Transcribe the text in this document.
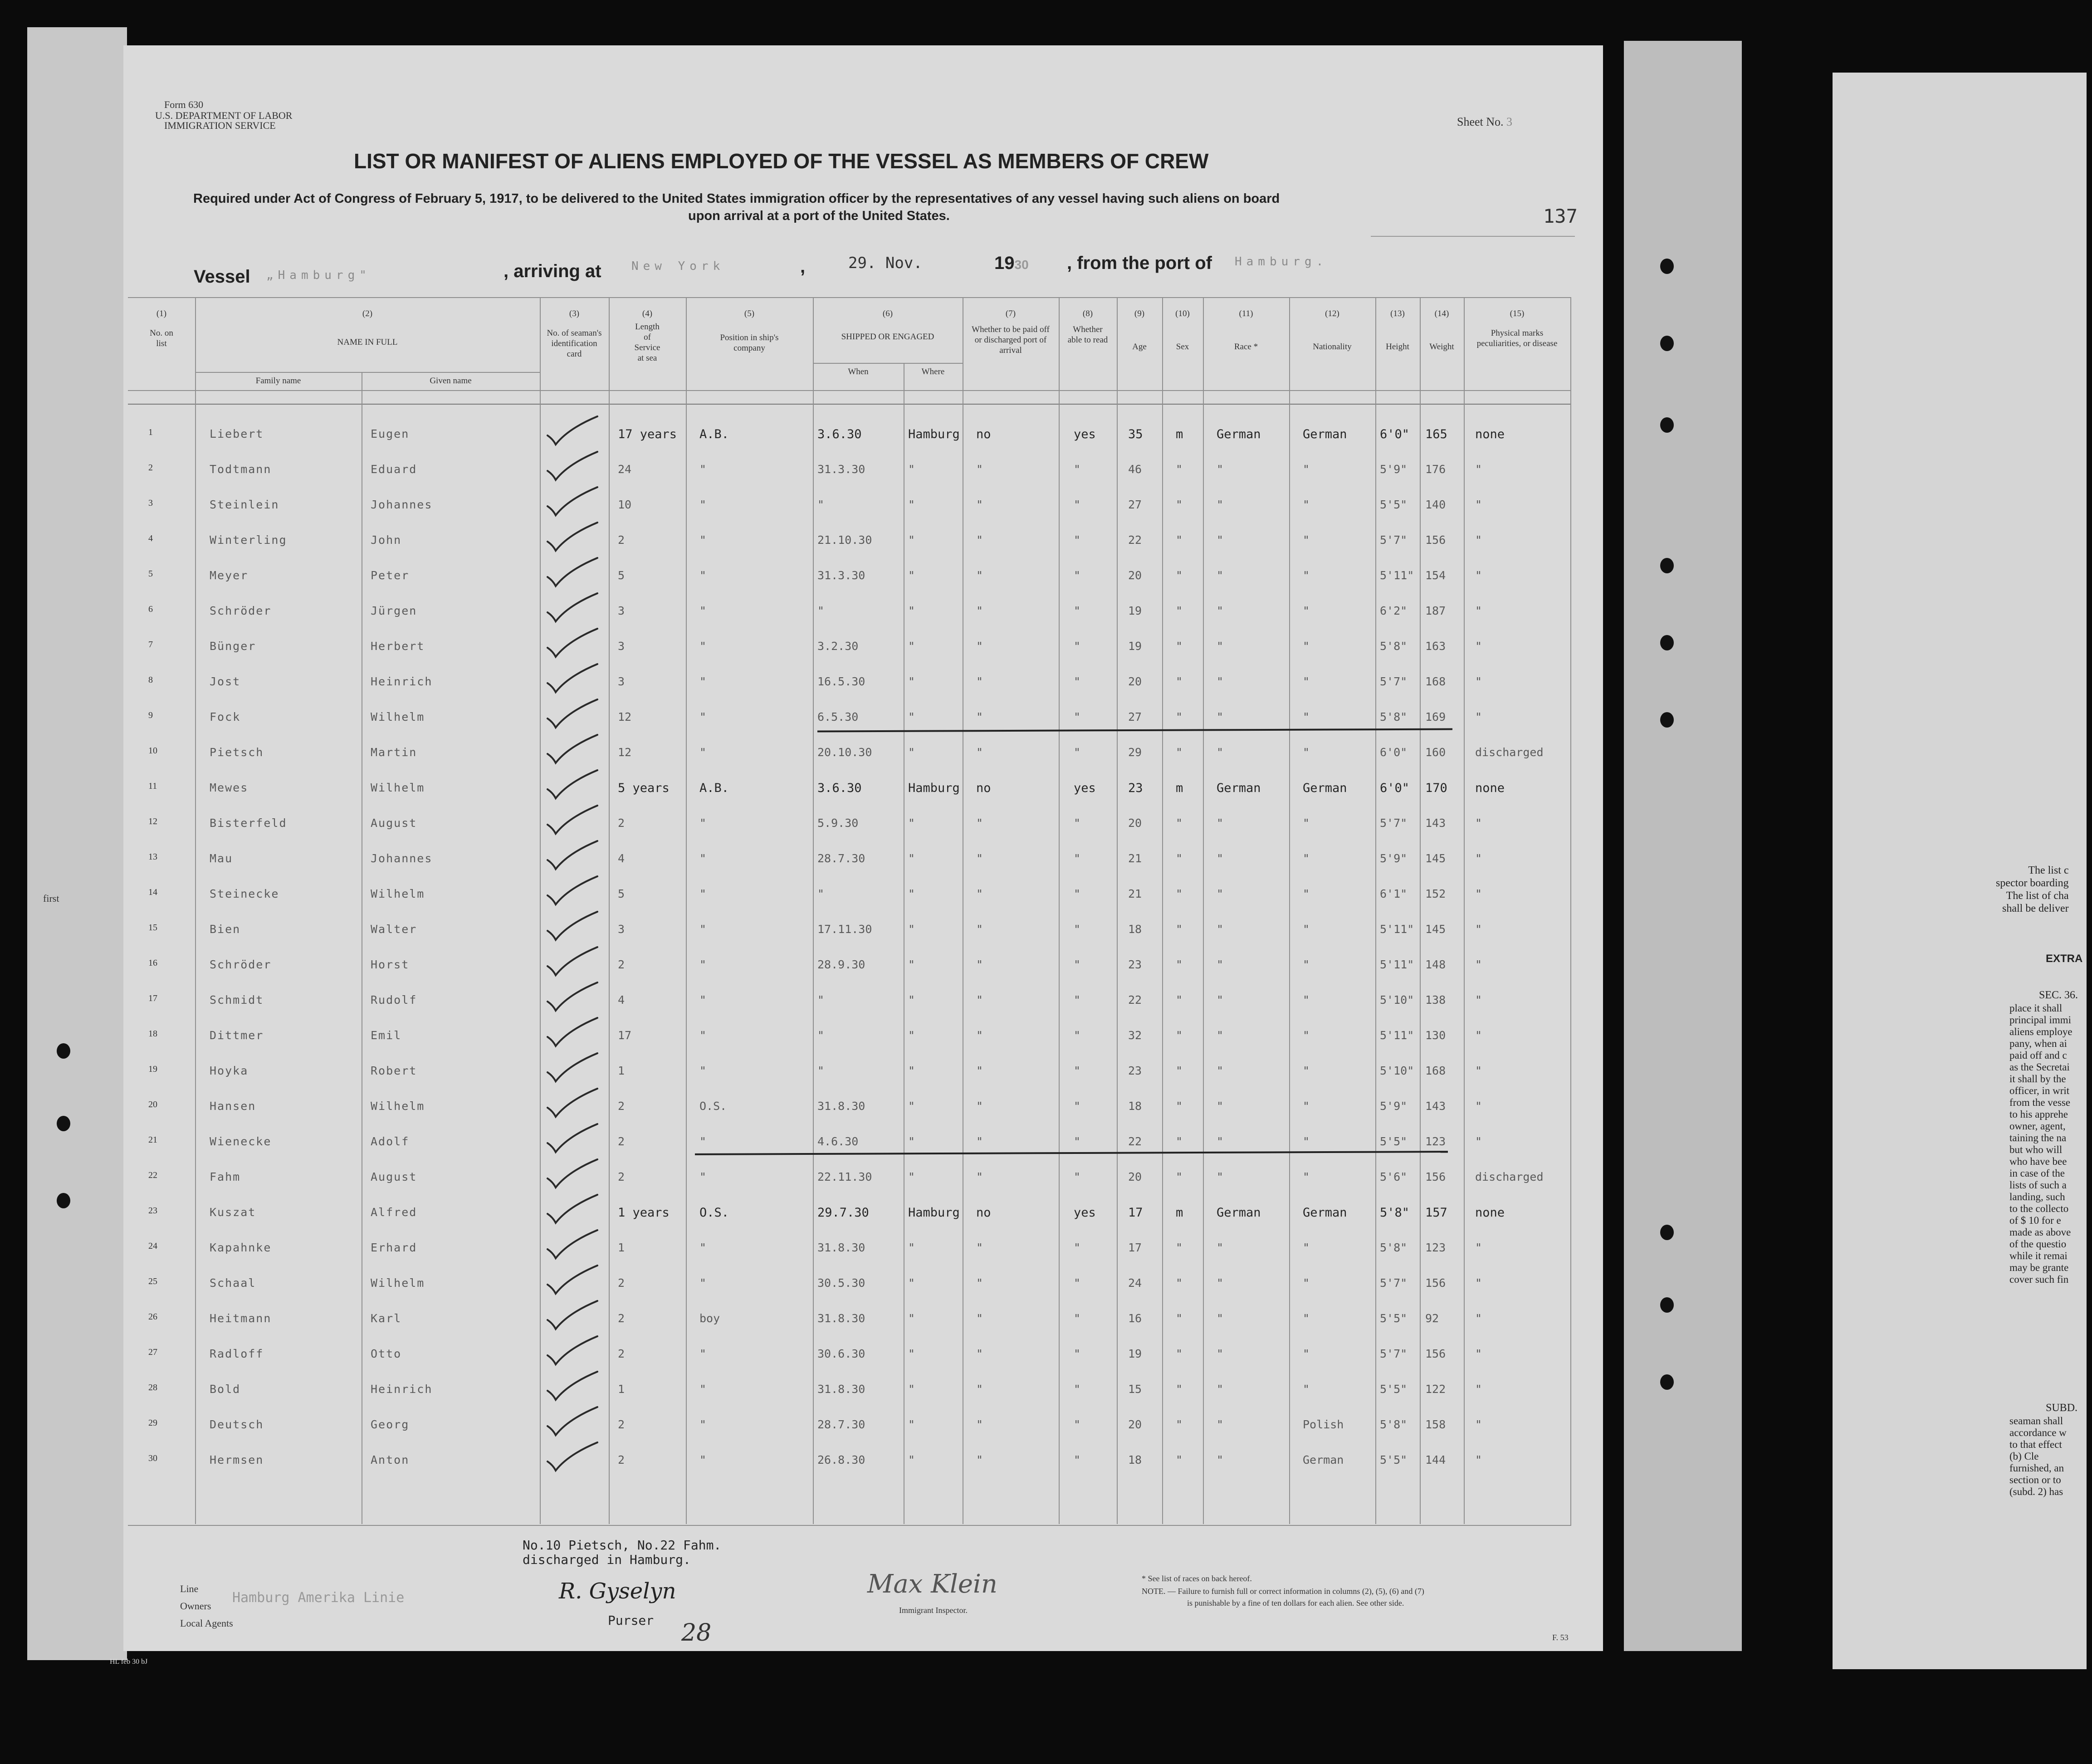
first
The list c
spector boarding
The list of cha
shall be deliver
EXTRA
SEC. 36.
place it shall
principal immi
aliens employe
pany, when ai
paid off and c
as the Secretai
it shall by the
officer, in writ
from the vesse
to his apprehe
owner, agent,
taining the na
but who will
who have bee
in case of the
lists of such a
landing, such
to the collecto
of $ 10 for e
made as above
of the questio
while it remai
may be grante
cover such fin
SUBD.
seaman shall
accordance w
to that effect
(b) Cle
furnished, an
section or to
(subd. 2) has
Form 630
U.S. DEPARTMENT OF LABOR
IMMIGRATION SERVICE	Sheet No. 3
LIST OR MANIFEST OF ALIENS EMPLOYED OF THE VESSEL AS MEMBERS OF CREW
Required under Act of Congress of February 5, 1917, to be delivered to the United States immigration officer by the representatives of any vessel having such aliens on board
upon arrival at a port of the United States.	137
Vessel „Hamburg"	, arriving at	New York	,	29. Nov.	1930 , from the port of Hamburg.
(1)
No. on list
(2)
NAME IN FULL
Family name	Given name
(3)
No. of seaman's identification card
(4)
Length of Service at sea
(5)
Position in ship's company
(6)
SHIPPED OR ENGAGED
When	Where
(7)
Whether to be paid off or discharged port of arrival
(8)
Whether able to read
(9)
Age
(10)
Sex
(11)
Race *
(12)
Nationality
(13)
Height
(14)
Weight
(15)
Physical marks peculiarities, or disease
1	Liebert	Eugen	17 years A.B.	3.6.30	Hamburg no	yes	35	m	German	German	6'0" 165 none
2	Todtmann	Eduard	24	"	31.3.30	"	"	"	46	"	"	"	5'9" 176	"
3	Steinlein	Johannes	10	"	"	"	"	"	27	"	"	"	5'5" 140	"
4	Winterling	John	2	"	21.10.30	"	"	"	22	"	"	"	5'7" 156	"
5	Meyer	Peter	5	"	31.3.30	"	"	"	20	"	"	"	5'11" 154	"
6	Schröder	Jürgen	3	"	"	"	"	"	19	"	"	"	6'2" 187	"
7	Bünger	Herbert	3	"	3.2.30	"	"	"	19	"	"	"	5'8" 163	"
8	Jost	Heinrich	3	"	16.5.30	"	"	"	20	"	"	"	5'7" 168	"
9	Fock	Wilhelm	12	"	6.5.30	"	"	"	27	"	"	"	5'8" 169	"
10	Pietsch	Martin	12	"	20.10.30	"	"	"	29	"	"	"	6'0" 160	discharged
11	Mewes	Wilhelm	5 years A.B.	3.6.30	Hamburg no	yes	23	m	German	German	6'0" 170 none
12	Bisterfeld	August	2	"	5.9.30	"	"	"	20	"	"	"	5'7" 143	"
13	Mau	Johannes	4	"	28.7.30	"	"	"	21	"	"	"	5'9" 145	"
14	Steinecke	Wilhelm	5	"	"	"	"	"	21	"	"	"	6'1" 152	"
15	Bien	Walter	3	"	17.11.30	"	"	"	18	"	"	"	5'11" 145	"
16	Schröder	Horst	2	"	28.9.30	"	"	"	23	"	"	"	5'11" 148	"
17	Schmidt	Rudolf	4	"	"	"	"	"	22	"	"	"	5'10" 138	"
18	Dittmer	Emil	17	"	"	"	"	"	32	"	"	"	5'11" 130	"
19	Hoyka	Robert	1	"	"	"	"	"	23	"	"	"	5'10" 168	"
20	Hansen	Wilhelm	2	O.S.	31.8.30	"	"	"	18	"	"	"	5'9" 143	"
21	Wienecke	Adolf	2	"	4.6.30	"	"	"	22	"	"	"	5'5" 123	"
22	Fahm	August	2	"	22.11.30	"	"	"	20	"	"	"	5'6" 156	discharged
23	Kuszat	Alfred	1 years O.S.	29.7.30	Hamburg no	yes	17	m	German	German	5'8" 157 none
24	Kapahnke	Erhard	1	"	31.8.30	"	"	"	17	"	"	"	5'8" 123	"
25	Schaal	Wilhelm	2	"	30.5.30	"	"	"	24	"	"	"	5'7" 156	"
26	Heitmann	Karl	2	boy	31.8.30	"	"	"	16	"	"	"	5'5" 92	"
27	Radloff	Otto	2	"	30.6.30	"	"	"	19	"	"	"	5'7" 156	"
28	Bold	Heinrich	1	"	31.8.30	"	"	"	15	"	"	"	5'5" 122	"
29	Deutsch	Georg	2	"	28.7.30	"	"	"	20	"	"	Polish	5'8" 158	"
30	Hermsen	Anton	2	"	26.8.30	"	"	"	18	"	"	German	5'5" 144	"
No.10 Pietsch, No.22 Fahm.
discharged in Hamburg.
Line
Owners
Local Agents
Hamburg Amerika Linie	R. Gyselyn
Purser 28
Max Klein
Immigrant Inspector.
* See list of races on back hereof.
NOTE. — Failure to furnish full or correct information in columns (2), (5), (6) and (7)
is punishable by a fine of ten dollars for each alien. See other side.
F. 53
HL feb 30 bJ
